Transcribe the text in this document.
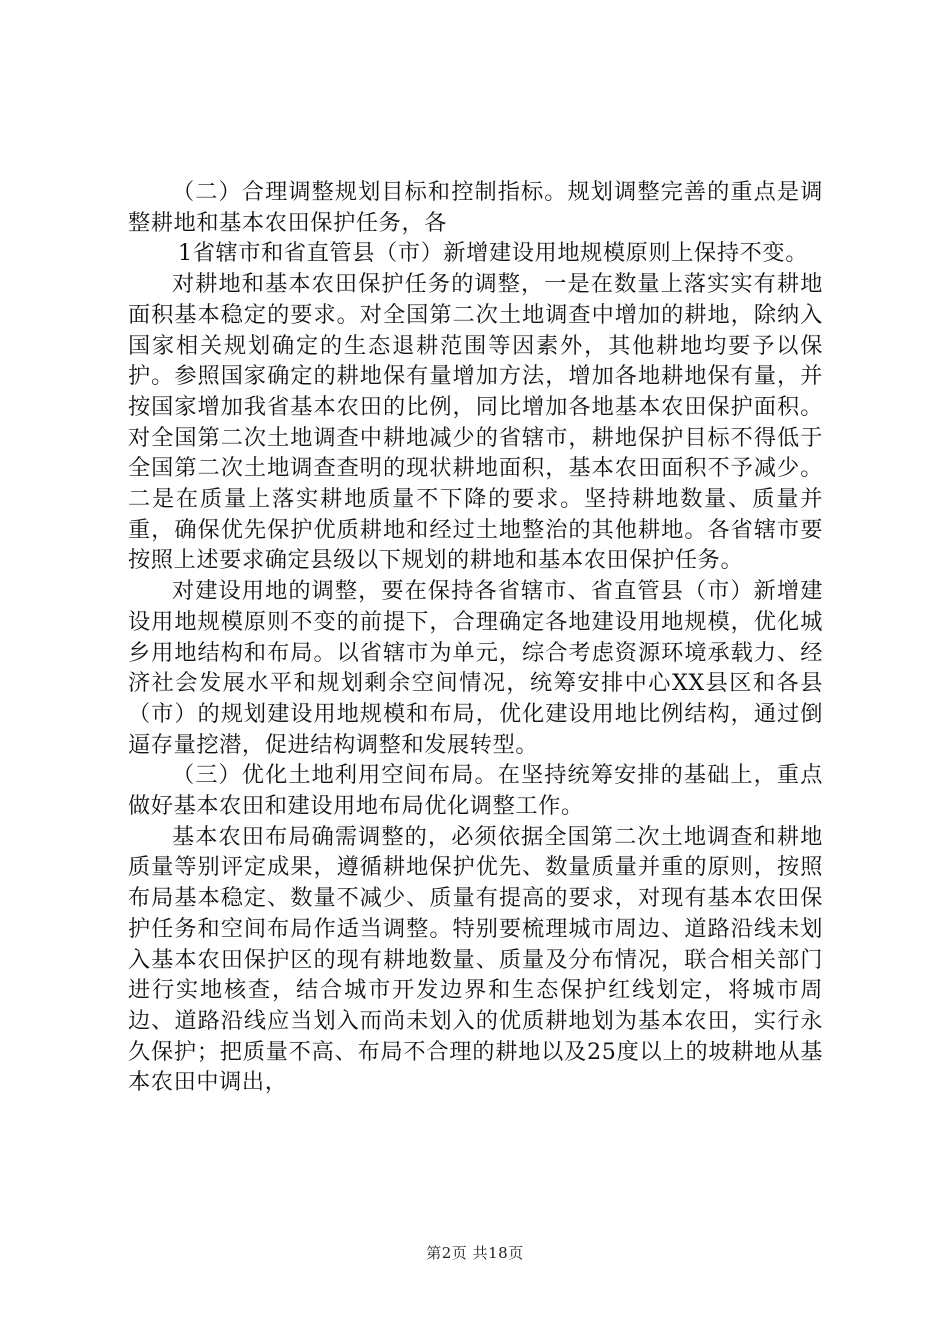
（二）合理调整规划目标和控制指标。规划调整完善的重点是调整耕地和基本农田保护任务，各

1省辖市和省直管县（市）新增建设用地规模原则上保持不变。

对耕地和基本农田保护任务的调整，一是在数量上落实实有耕地面积基本稳定的要求。对全国第二次土地调查中增加的耕地，除纳入国家相关规划确定的生态退耕范围等因素外，其他耕地均要予以保护。参照国家确定的耕地保有量增加方法，增加各地耕地保有量，并按国家增加我省基本农田的比例，同比增加各地基本农田保护面积。对全国第二次土地调查中耕地减少的省辖市，耕地保护目标不得低于全国第二次土地调查查明的现状耕地面积，基本农田面积不予减少。二是在质量上落实耕地质量不下降的要求。坚持耕地数量、质量并重，确保优先保护优质耕地和经过土地整治的其他耕地。各省辖市要按照上述要求确定县级以下规划的耕地和基本农田保护任务。

对建设用地的调整，要在保持各省辖市、省直管县（市）新增建设用地规模原则不变的前提下，合理确定各地建设用地规模，优化城乡用地结构和布局。以省辖市为单元，综合考虑资源环境承载力、经济社会发展水平和规划剩余空间情况，统筹安排中心XX县区和各县（市）的规划建设用地规模和布局，优化建设用地比例结构，通过倒逼存量挖潜，促进结构调整和发展转型。

（三）优化土地利用空间布局。在坚持统筹安排的基础上，重点做好基本农田和建设用地布局优化调整工作。

基本农田布局确需调整的，必须依据全国第二次土地调查和耕地质量等别评定成果，遵循耕地保护优先、数量质量并重的原则，按照布局基本稳定、数量不减少、质量有提高的要求，对现有基本农田保护任务和空间布局作适当调整。特别要梳理城市周边、道路沿线未划入基本农田保护区的现有耕地数量、质量及分布情况，联合相关部门进行实地核查，结合城市开发边界和生态保护红线划定，将城市周边、道路沿线应当划入而尚未划入的优质耕地划为基本农田，实行永久保护；把质量不高、布局不合理的耕地以及25度以上的坡耕地从基本农田中调出，

第2页 共18页
